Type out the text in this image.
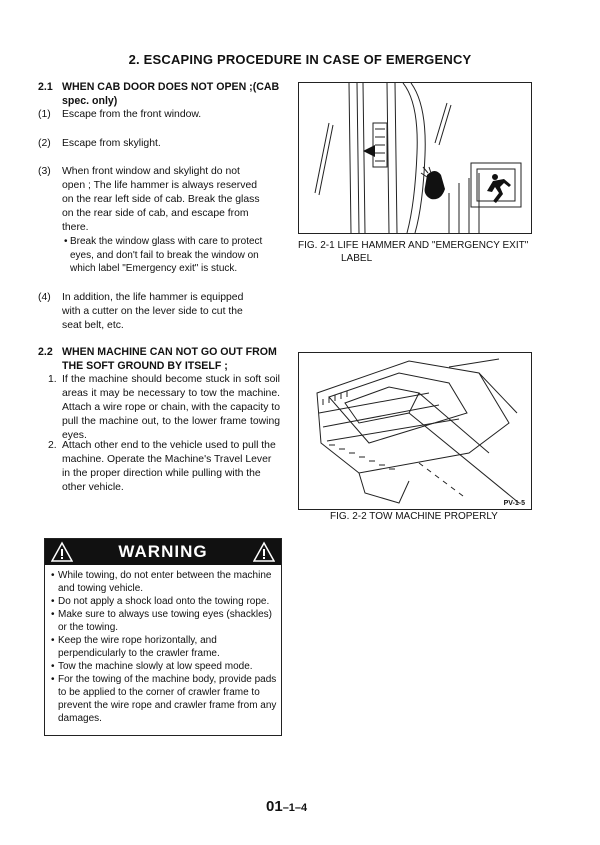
2. ESCAPING PROCEDURE IN CASE OF EMERGENCY
2.1 WHEN CAB DOOR DOES NOT OPEN ;(CAB
spec. only)
(1) Escape from the front window.
(2) Escape from skylight.
(3) When front window and skylight do not open ; The life hammer is always reserved on the rear left side of cab. Break the glass on the rear side of cab, and escape from there.
• Break the window glass with care to protect eyes, and don't fail to break the window on which label "Emergency exit" is stuck.
(4) In addition, the life hammer is equipped with a cutter on the lever side to cut the seat belt, etc.
FIG. 2-1 LIFE HAMMER AND "EMERGENCY EXIT"
LABEL
2.2 WHEN MACHINE CAN NOT GO OUT FROM
THE SOFT GROUND BY ITSELF ;
1. If the machine should become stuck in soft soil areas it may be necessary to tow the machine. Attach a wire rope or chain, with the capacity to pull the machine out, to the lower frame towing eyes.
2. Attach other end to the vehicle used to pull the machine. Operate the Machine's Travel Lever in the proper direction while pulling with the other vehicle.
PV-1-5
FIG. 2-2 TOW MACHINE PROPERLY
WARNING
• While towing, do not enter between the machine and towing vehicle.
• Do not apply a shock load onto the towing rope.
• Make sure to always use towing eyes (shackles) or the towing.
• Keep the wire rope horizontally, and perpendicularly to the crawler frame.
• Tow the machine slowly at low speed mode.
• For the towing of the machine body, provide pads to be applied to the corner of crawler frame to prevent the wire rope and crawler frame from any damages.
01–1–4
